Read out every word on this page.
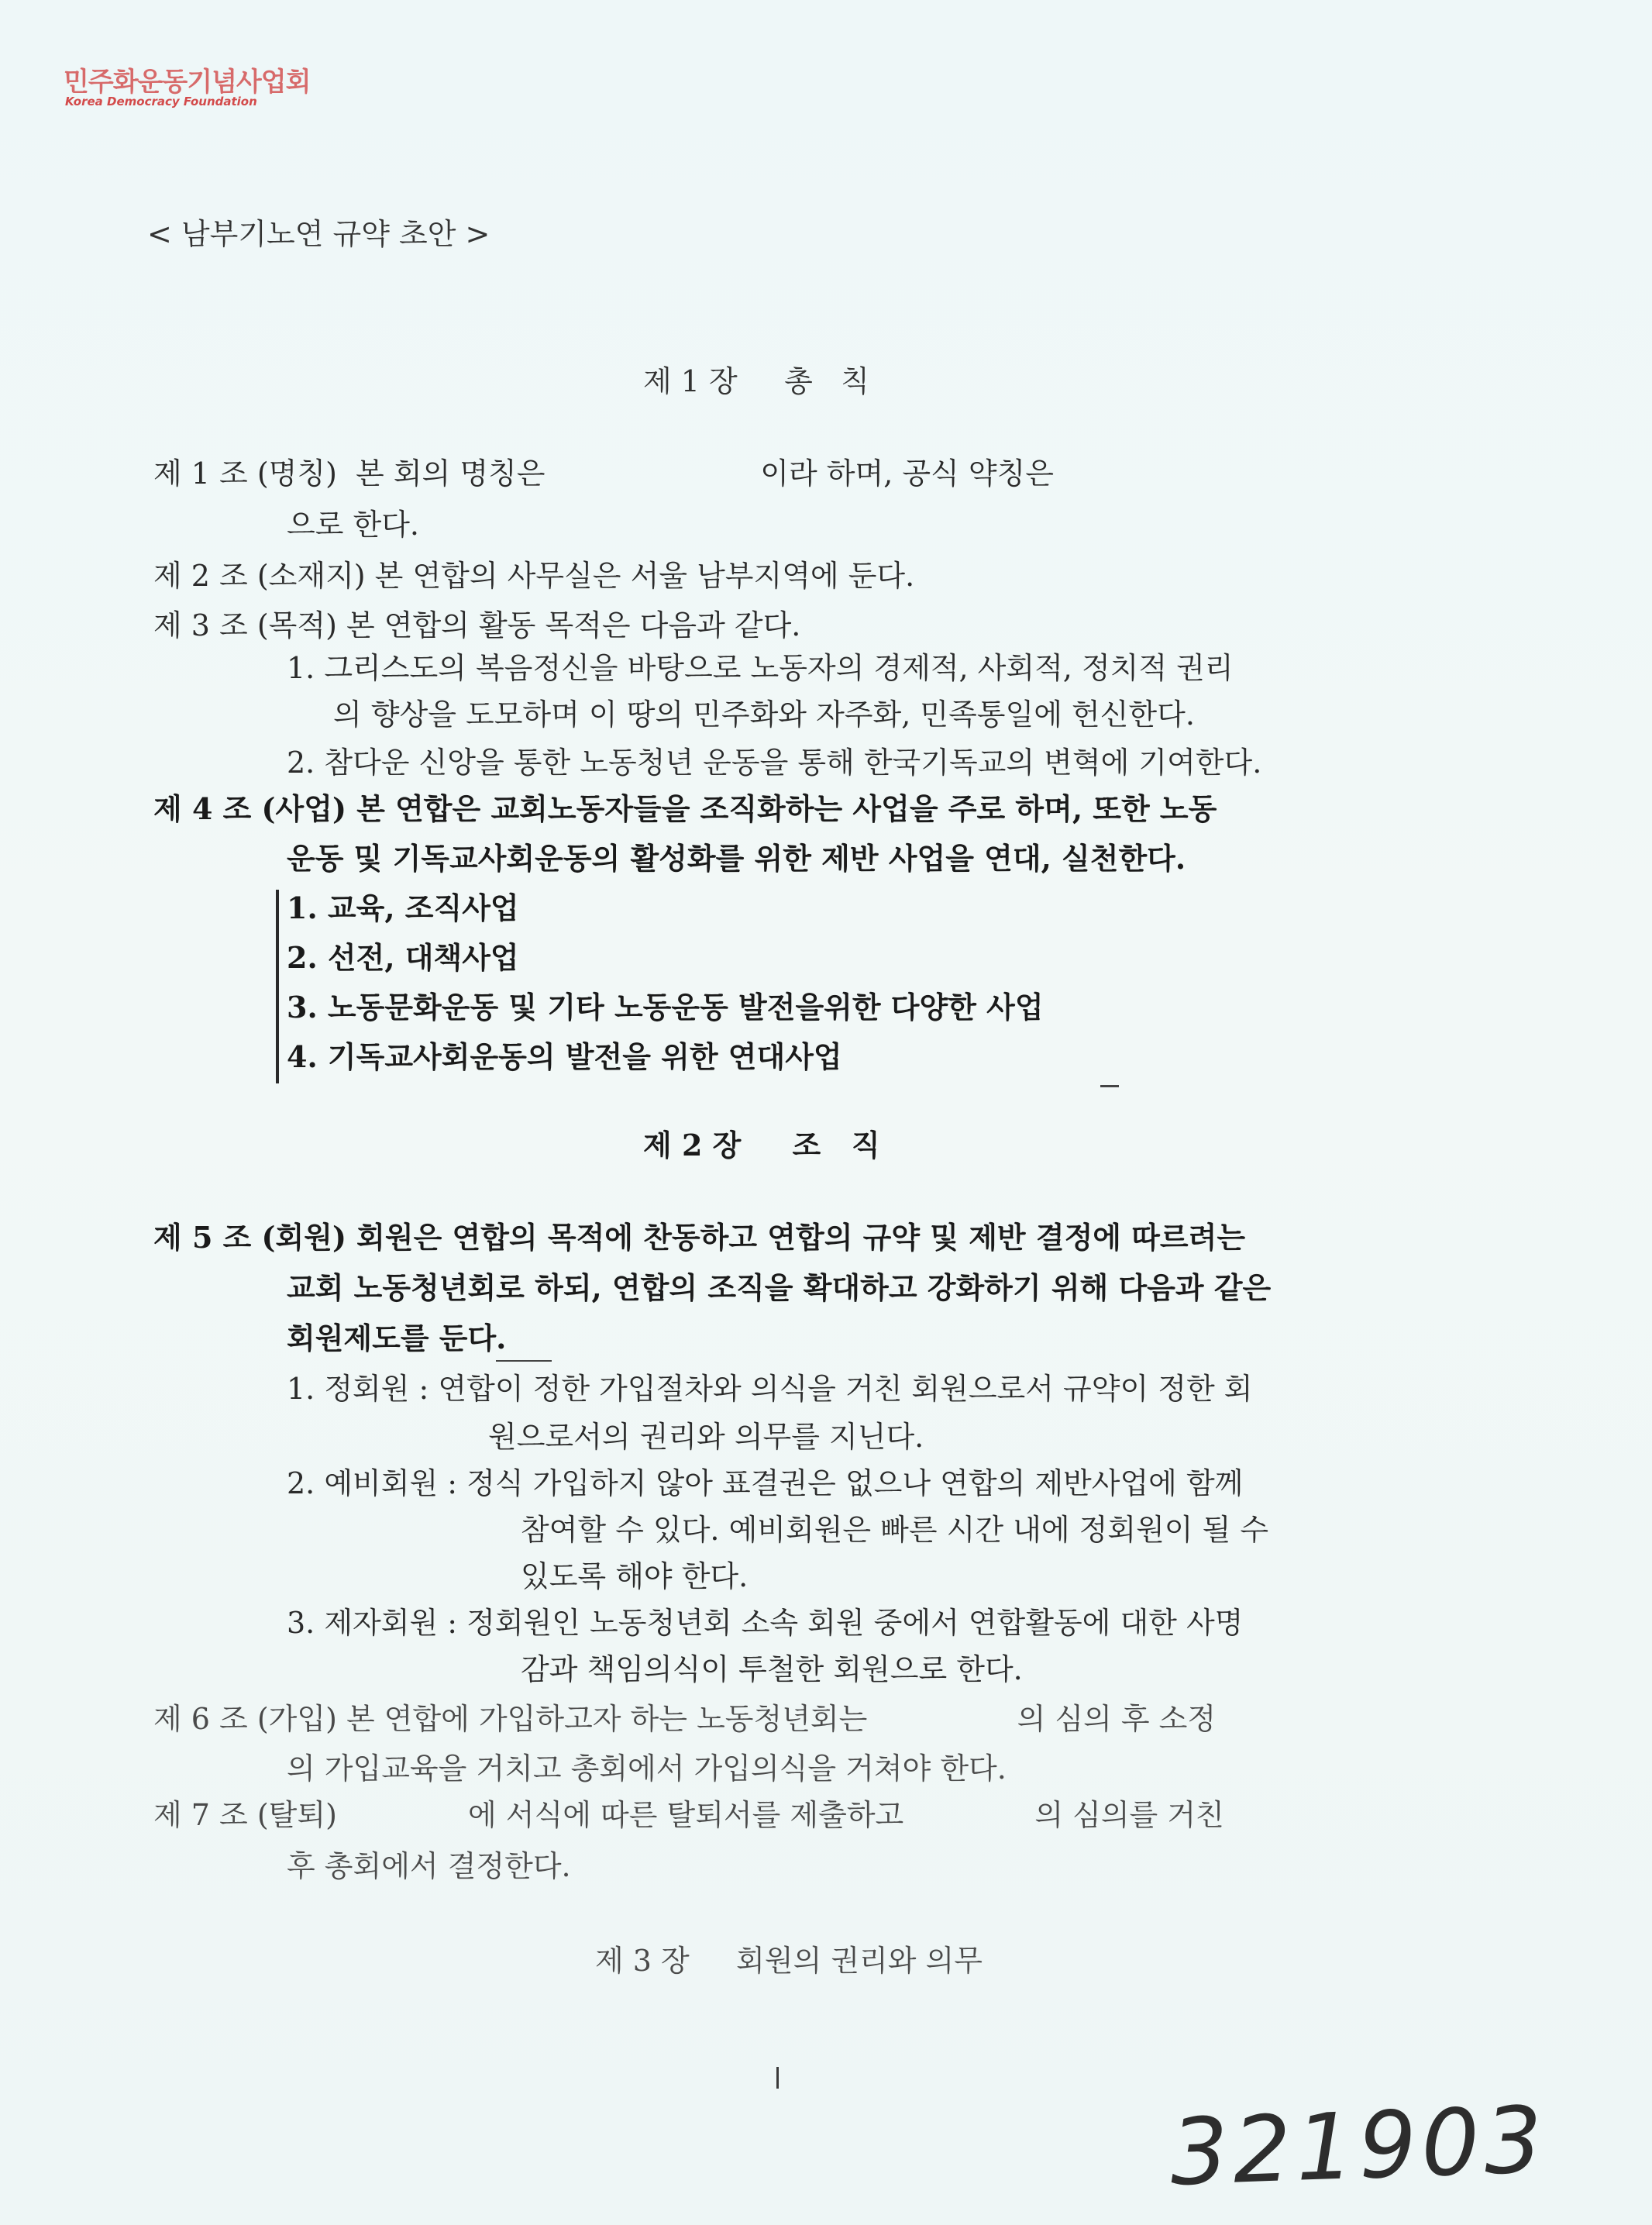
민주화운동기념사업회
Korea Democracy Foundation
< 남부기노연 규약 초안 >
제 1 장     총   칙
제 1 조 (명칭)  본 회의 명칭은                       이라 하며, 공식 약칭은
으로 한다.
제 2 조 (소재지) 본 연합의 사무실은 서울 남부지역에 둔다.
제 3 조 (목적) 본 연합의 활동 목적은 다음과 같다.
1. 그리스도의 복음정신을 바탕으로 노동자의 경제적, 사회적, 정치적 권리
의 향상을 도모하며 이 땅의 민주화와 자주화, 민족통일에 헌신한다.
2. 참다운 신앙을 통한 노동청년 운동을 통해 한국기독교의 변혁에 기여한다.
제 4 조 (사업) 본 연합은 교회노동자들을 조직화하는 사업을 주로 하며, 또한 노동
운동 및 기독교사회운동의 활성화를 위한 제반 사업을 연대, 실천한다.
1. 교육, 조직사업
2. 선전, 대책사업
3. 노동문화운동 및 기타 노동운동 발전을위한 다양한 사업
4. 기독교사회운동의 발전을 위한 연대사업
제 2 장     조   직
제 5 조 (회원) 회원은 연합의 목적에 찬동하고 연합의 규약 및 제반 결정에 따르려는
교회 노동청년회로 하되, 연합의 조직을 확대하고 강화하기 위해 다음과 같은
회원제도를 둔다.
1. 정회원 : 연합이 정한 가입절차와 의식을 거친 회원으로서 규약이 정한 회
원으로서의 권리와 의무를 지닌다.
2. 예비회원 : 정식 가입하지 않아 표결권은 없으나 연합의 제반사업에 함께
참여할 수 있다. 예비회원은 빠른 시간 내에 정회원이 될 수
있도록 해야 한다.
3. 제자회원 : 정회원인 노동청년회 소속 회원 중에서 연합활동에 대한 사명
감과 책임의식이 투철한 회원으로 한다.
제 6 조 (가입) 본 연합에 가입하고자 하는 노동청년회는                의 심의 후 소정
의 가입교육을 거치고 총회에서 가입의식을 거쳐야 한다.
제 7 조 (탈퇴)              에 서식에 따른 탈퇴서를 제출하고              의 심의를 거친
후 총회에서 결정한다.
제 3 장     회원의 권리와 의무
321903
